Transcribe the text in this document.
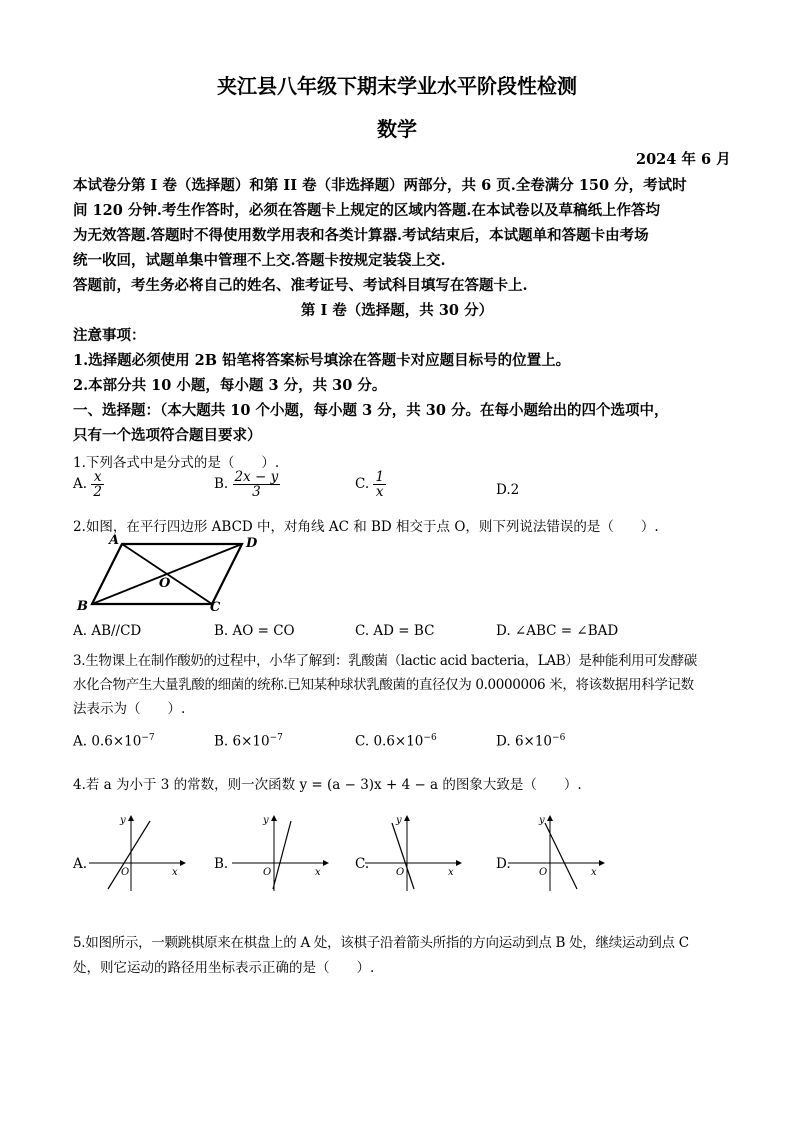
夹江县八年级下期末学业水平阶段性检测
数学
2024 年 6 月
本试卷分第 I 卷（选择题）和第 II 卷（非选择题）两部分，共 6 页.全卷满分 150 分，考试时
间 120 分钟.考生作答时，必须在答题卡上规定的区域内答题.在本试卷以及草稿纸上作答均
为无效答题.答题时不得使用数学用表和各类计算器.考试结束后，本试题单和答题卡由考场
统一收回，试题单集中管理不上交.答题卡按规定装袋上交.
答题前，考生务必将自己的姓名、准考证号、考试科目填写在答题卡上.
第 I 卷（选择题，共 30 分）
注意事项：
1.选择题必须使用 2B 铅笔将答案标号填涂在答题卡对应题目标号的位置上。
2.本部分共 10 小题，每小题 3 分，共 30 分。
一、选择题：（本大题共 10 个小题，每小题 3 分，共 30 分。在每小题给出的四个选项中，
只有一个选项符合题目要求）
1.下列各式中是分式的是（　　）.
A. $\frac{x}{2}$	B. $\frac{2x - y}{3}$	C. $\frac{1}{x}$	D.2
2.如图，在平行四边形 ABCD 中，对角线 AC 和 BD 相交于点 O，则下列说法错误的是（　　）.
A	D
B	C
O
A. AB//CD	B. AO = CO	C. AD = BC	D. ∠ABC = ∠BAD
3.生物课上在制作酸奶的过程中，小华了解到：乳酸菌（lactic acid bacteria，LAB）是种能利用可发酵碳
水化合物产生大量乳酸的细菌的统称.已知某种球状乳酸菌的直径仅为 0.0000006 米，将该数据用科学记数
法表示为（　　）.
A. $0.6\times 10^{-7}$	B. $6\times 10^{-7}$	C. $0.6\times 10^{-6}$	D. $6\times 10^{-6}$
4.若 a 为小于 3 的常数，则一次函数 y = (a − 3)x + 4 − a 的图象大致是（　　）.
A.
y
O	x
B.
y
O	x
C.
y
O	x
D.
y
O	x
5.如图所示，一颗跳棋原来在棋盘上的 A 处，该棋子沿着箭头所指的方向运动到点 B 处，继续运动到点 C
处，则它运动的路径用坐标表示正确的是（　　）.
